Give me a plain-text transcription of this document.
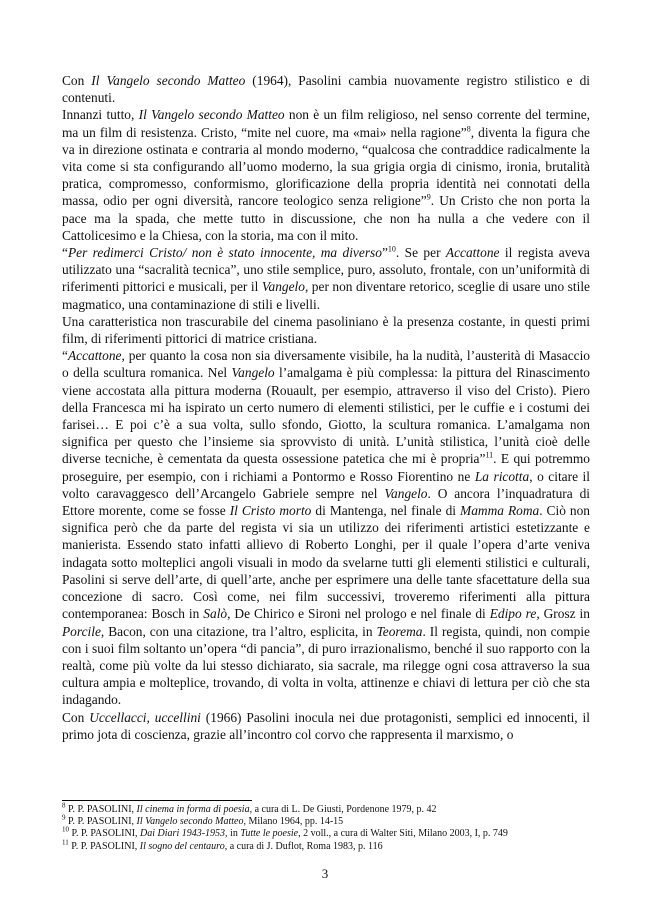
Con Il Vangelo secondo Matteo (1964), Pasolini cambia nuovamente registro stilistico e di contenuti.

Innanzi tutto, Il Vangelo secondo Matteo non è un film religioso, nel senso corrente del termine, ma un film di resistenza. Cristo, “mite nel cuore, ma «mai» nella ragione”$^8$, diventa la figura che va in direzione ostinata e contraria al mondo moderno, “qualcosa che contraddice radicalmente la vita come si sta configurando all’uomo moderno, la sua grigia orgia di cinismo, ironia, brutalità pratica, compromesso, conformismo, glorificazione della propria identità nei connotati della massa, odio per ogni diversità, rancore teologico senza religione”$^9$. Un Cristo che non porta la pace ma la spada, che mette tutto in discussione, che non ha nulla a che vedere con il Cattolicesimo e la Chiesa, con la storia, ma con il mito.

“Per redimerci Cristo/ non è stato innocente, ma diverso”$^{10}$. Se per Accattone il regista aveva utilizzato una “sacralità tecnica”, uno stile semplice, puro, assoluto, frontale, con un’uniformità di riferimenti pittorici e musicali, per il Vangelo, per non diventare retorico, sceglie di usare uno stile magmatico, una contaminazione di stili e livelli.

Una caratteristica non trascurabile del cinema pasoliniano è la presenza costante, in questi primi film, di riferimenti pittorici di matrice cristiana.

“Accattone, per quanto la cosa non sia diversamente visibile, ha la nudità, l’austerità di Masaccio o della scultura romanica. Nel Vangelo l’amalgama è più complessa: la pittura del Rinascimento viene accostata alla pittura moderna (Rouault, per esempio, attraverso il viso del Cristo). Piero della Francesca mi ha ispirato un certo numero di elementi stilistici, per le cuffie e i costumi dei farisei… E poi c’è a sua volta, sullo sfondo, Giotto, la scultura romanica. L’amalgama non significa per questo che l’insieme sia sprovvisto di unità. L’unità stilistica, l’unità cioè delle diverse tecniche, è cementata da questa ossessione patetica che mi è propria”$^{11}$. E qui potremmo proseguire, per esempio, con i richiami a Pontormo e Rosso Fiorentino ne La ricotta, o citare il volto caravaggesco dell’Arcangelo Gabriele sempre nel Vangelo. O ancora l’inquadratura di Ettore morente, come se fosse Il Cristo morto di Mantenga, nel finale di Mamma Roma. Ciò non significa però che da parte del regista vi sia un utilizzo dei riferimenti artistici estetizzante e manierista. Essendo stato infatti allievo di Roberto Longhi, per il quale l’opera d’arte veniva indagata sotto molteplici angoli visuali in modo da svelarne tutti gli elementi stilistici e culturali, Pasolini si serve dell’arte, di quell’arte, anche per esprimere una delle tante sfacettature della sua concezione di sacro. Così come, nei film successivi, troveremo riferimenti alla pittura contemporanea: Bosch in Salò, De Chirico e Sironi nel prologo e nel finale di Edipo re, Grosz in Porcile, Bacon, con una citazione, tra l’altro, esplicita, in Teorema. Il regista, quindi, non compie con i suoi film soltanto un’opera “di pancia”, di puro irrazionalismo, benché il suo rapporto con la realtà, come più volte da lui stesso dichiarato, sia sacrale, ma rilegge ogni cosa attraverso la sua cultura ampia e molteplice, trovando, di volta in volta, attinenze e chiavi di lettura per ciò che sta indagando.

Con Uccellacci, uccellini (1966) Pasolini inocula nei due protagonisti, semplici ed innocenti, il primo jota di coscienza, grazie all’incontro col corvo che rappresenta il marxismo, o

$^8$ P. P. PASOLINI, Il cinema in forma di poesia, a cura di L. De Giusti, Pordenone 1979, p. 42
$^9$ P. P. PASOLINI, Il Vangelo secondo Matteo, Milano 1964, pp. 14-15
$^{10}$ P. P. PASOLINI, Dai Diari 1943-1953, in Tutte le poesie, 2 voll., a cura di Walter Siti, Milano 2003, I, p. 749
$^{11}$ P. P. PASOLINI, Il sogno del centauro, a cura di J. Duflot, Roma 1983, p. 116
3
